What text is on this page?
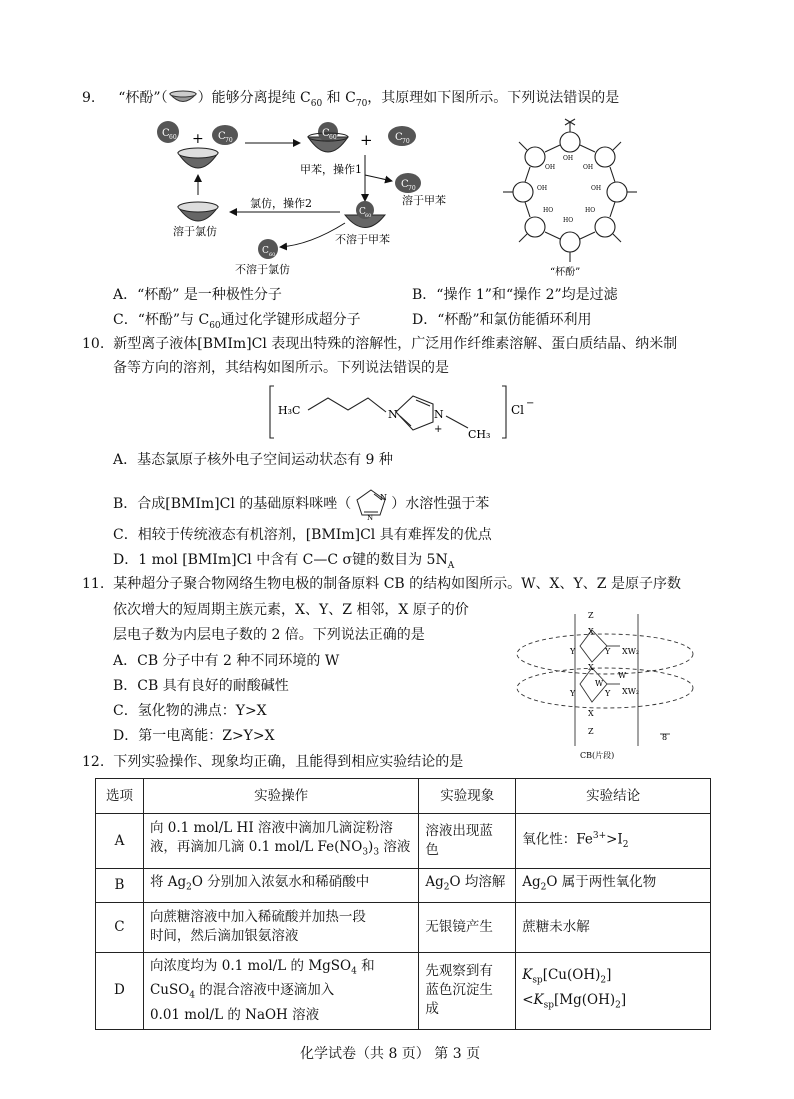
9. “杯酚”（ ）能够分离提纯 $C_{60}$ 和 $C_{70}$，其原理如下图所示。下列说法错误的是
C 60 + C 70
C 60 + C 70
甲苯，操作1
C 70
溶于甲苯
C 60
不溶于甲苯
氯仿，操作2
溶于氯仿
C 60
不溶于氯仿
OH
OH	OH
OH	OH
HO	HO
HO
“杯酚”
A．“杯酚” 是一种极性分子	B．“操作 1”和“操作 2”均是过滤
C．“杯酚”与 $C_{60}$通过化学键形成超分子	D．“杯酚”和氯仿能循环利用
10. 新型离子液体[BMIm]Cl 表现出特殊的溶解性，广泛用作纤维素溶解、蛋白质结晶、纳米制
备等方向的溶剂，其结构如图所示。下列说法错误的是
H₃C	N	N
+ CH₃
Cl −
A．基态氯原子核外电子空间运动状态有 9 种
B．合成[BMIm]Cl 的基础原料咪唑（	N
N
）水溶性强于苯
C．相较于传统液态有机溶剂，[BMIm]Cl 具有难挥发的优点
D．1 mol [BMIm]Cl 中含有 C—C σ键的数目为 $5N_A$
11. 某种超分子聚合物网络生物电极的制备原料 CB 的结构如图所示。W、X、Y、Z 是原子序数
依次增大的短周期主族元素，X、Y、Z 相邻，X 原子的价
层电子数为内层电子数的 2 倍。下列说法正确的是
A．CB 分子中有 2 种不同环境的 W
B．CB 具有良好的耐酸碱性
C．氢化物的沸点：Y>X
D．第一电离能：Z>Y>X
Z
X
Y	Y XW₂
X
W
W
Y	Y XW₂
X
Z
8
CB(片段)
12. 下列实验操作、现象均正确，且能得到相应实验结论的是
选项	实验操作	实验现象	实验结论
A	向 0.1 mol/L HI 溶液中滴加几滴淀粉溶
液，再滴加几滴 0.1 mol/L $Fe(NO_3)_3$ 溶液	溶液出现蓝
色	氧化性：$Fe^{3+}>I_2$
B	将 $Ag_2O$ 分别加入浓氨水和稀硝酸中	$Ag_2O$ 均溶解	$Ag_2O$ 属于两性氧化物
C	向蔗糖溶液中加入稀硫酸并加热一段
时间，然后滴加银氨溶液	无银镜产生	蔗糖未水解
D	向浓度均为 0.1 mol/L 的 MgSO$_4$ 和
CuSO$_4$ 的混合溶液中逐滴加入
0.01 mol/L 的 NaOH 溶液	先观察到有
蓝色沉淀生
成	$K_{sp}[Cu(OH)_2]<K_{sp}[Mg(OH)_2]$
化学试卷（共 8 页） 第 3 页
